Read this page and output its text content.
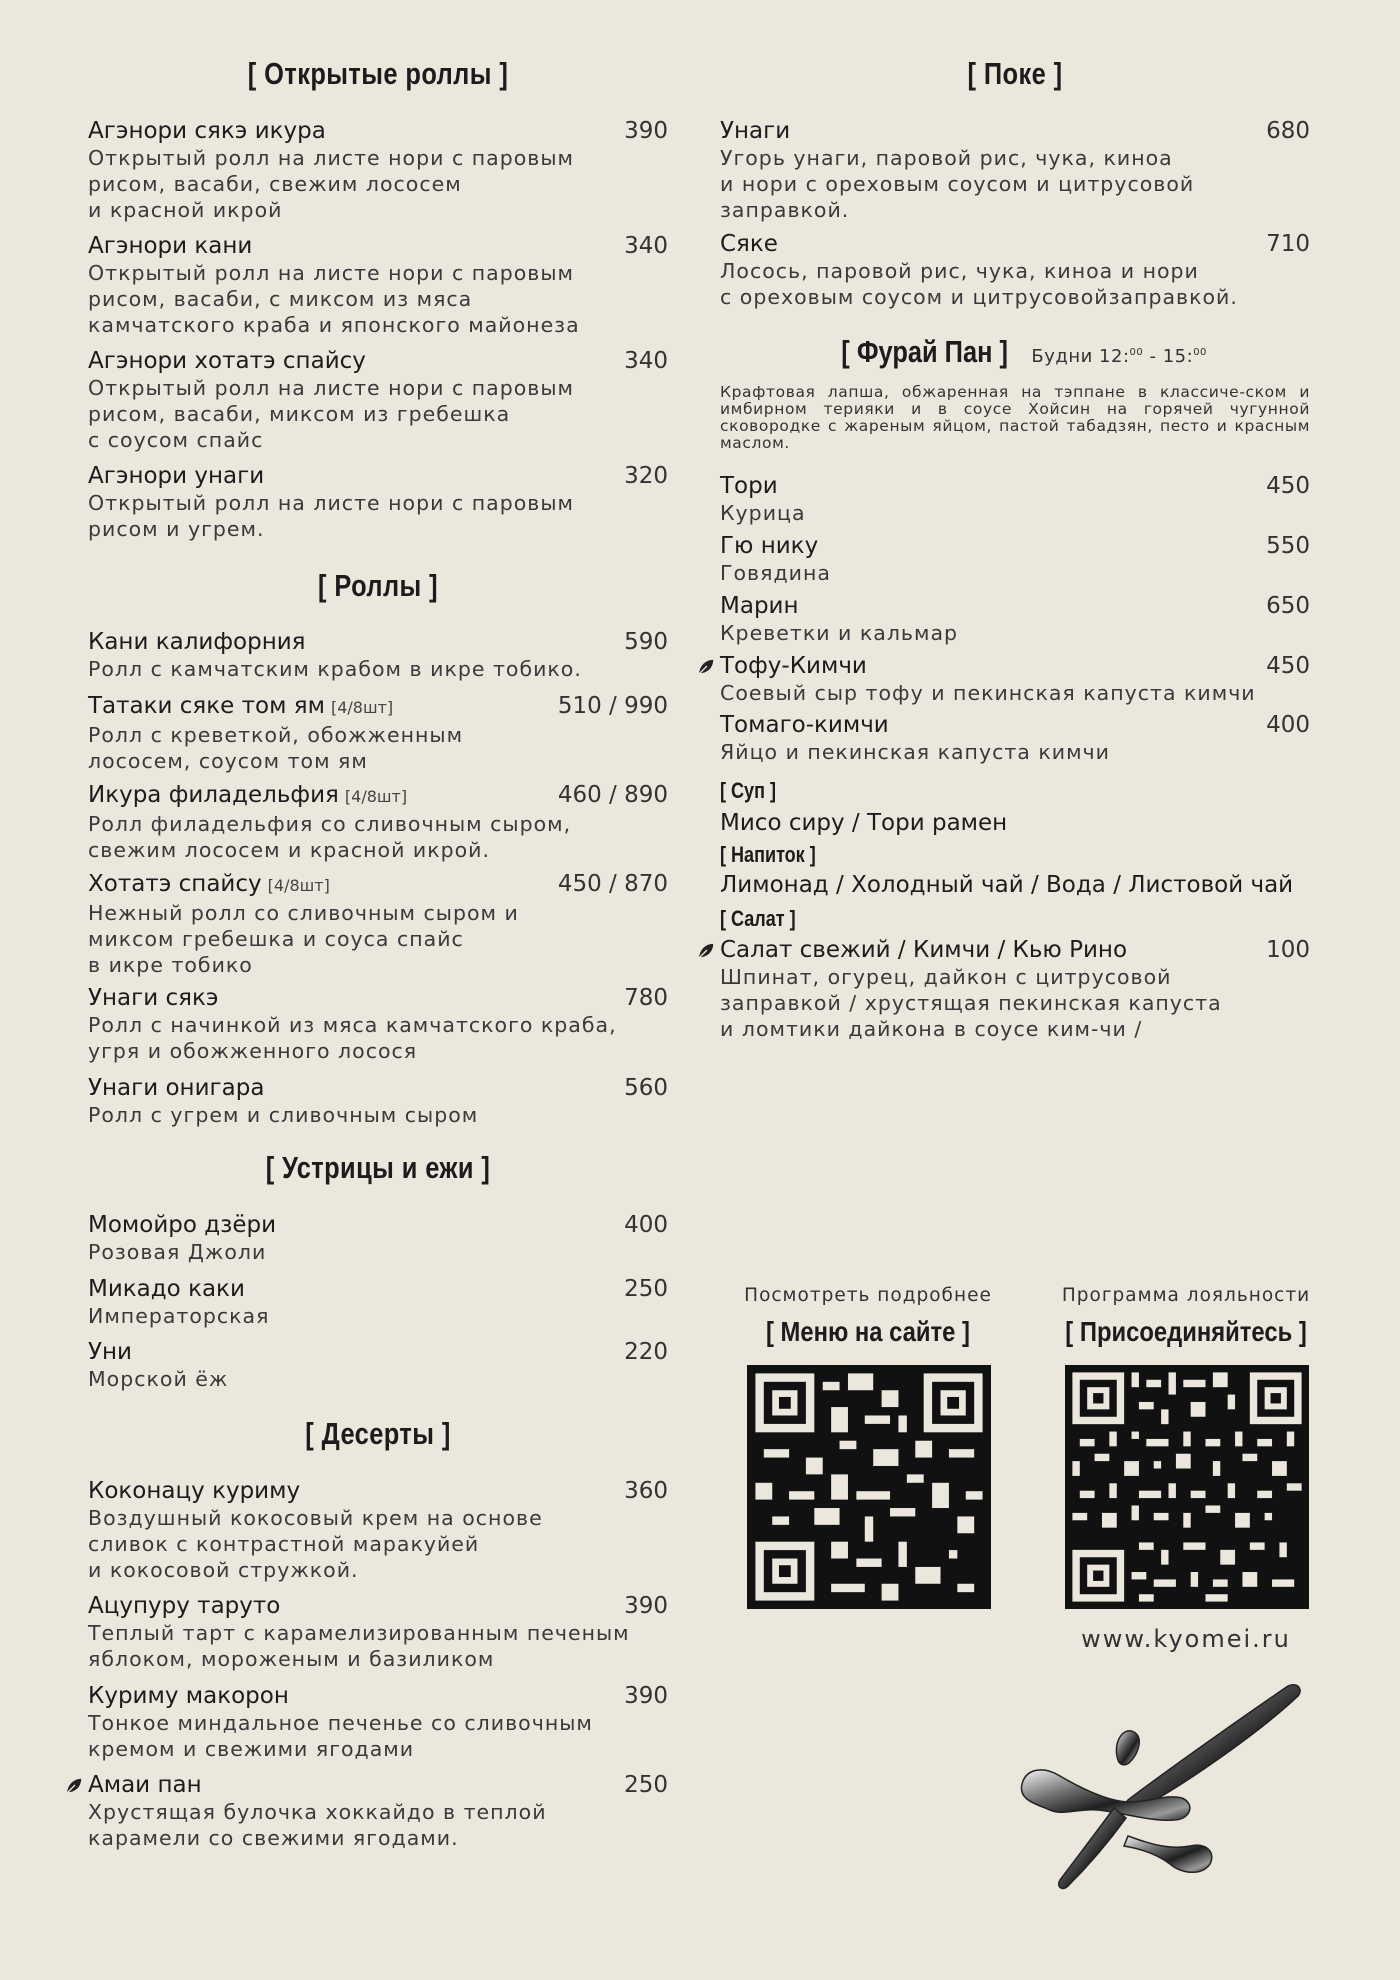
[ Открытые роллы ]
Агэнори сякэ икура	390
Открытый ролл на листе нори с паровым
рисом, васаби, свежим лососем
и красной икрой
Агэнори кани	340
Открытый ролл на листе нори с паровым
рисом, васаби, с миксом из мяса
камчатского краба и японского майонеза
Агэнори хотатэ спайсу	340
Открытый ролл на листе нори с паровым
рисом, васаби, миксом из гребешка
с соусом спайс
Агэнори унаги	320
Открытый ролл на листе нори с паровым
рисом и угрем.
[ Роллы ]
Кани калифорния	590
Ролл с камчатским крабом в икре тобико.
Татаки сяке том ям [4/8шт]	510 / 990
Ролл с креветкой, обожженным
лососем, соусом том ям
Икура филадельфия [4/8шт]	460 / 890
Ролл филадельфия со сливочным сыром,
свежим лососем и красной икрой.
Хотатэ спайсу [4/8шт]	450 / 870
Нежный ролл со сливочным сыром и
миксом гребешка и соуса спайс
в икре тобико
Унаги сякэ	780
Ролл с начинкой из мяса камчатского краба,
угря и обожженного лосося
Унаги онигара	560
Ролл с угрем и сливочным сыром
[ Устрицы и ежи ]
Момойро дзёри	400
Розовая Джоли
Микадо каки	250
Императорская
Уни	220
Морской ёж
[ Десерты ]
Коконацу куриму	360
Воздушный кокосовый крем на основе
сливок с контрастной маракуйей
и кокосовой стружкой.
Ацупуру тарутo	390
Теплый тарт с карамелизированным печеным
яблоком, мороженым и базиликом
Куриму макорон	390
Тонкое миндальное печенье со сливочным
кремом и свежими ягодами
Амаи пан	250
Хрустящая булочка хоккайдо в теплой
карамели со свежими ягодами.
[ Поке ]
Унаги	680
Угорь унаги, паровой рис, чука, киноа
и нори с ореховым соусом и цитрусовой
заправкой.
Сяке	710
Лосось, паровой рис, чука, киноа и нори
с ореховым соусом и цитрусовойзаправкой.
[ Фурай Пан ] Будни 12:$^{00}$ - 15:$^{00}$
Крафтовая лапша, обжаренная на тэппане в классиче-ском и имбирном терияки и в соусе Хойсин на горячей чугунной сковородке с жареным яйцом, пастой табадзян, песто и красным маслом.
Тори	450
Курица
Гю нику	550
Говядина
Марин	650
Креветки и кальмар
Тофу-Кимчи	450
Соевый сыр тофу и пекинская капуста кимчи
Томаго-кимчи	400
Яйцо и пекинская капуста кимчи
[ Суп ]
Мисо сиру / Тори рамен
[ Напиток ]
Лимонад / Холодный чай / Вода / Листовой чай
[ Салат ]
Салат свежий / Кимчи / Кью Рино	100
Шпинат, огурец, дайкон с цитрусовой
заправкой / хрустящая пекинская капуста
и ломтики дайкона в соусе ким-чи /
Посмотреть подробнее
[ Меню на сайте ]
Программа лояльности
[ Присоединяйтесь ]
www.kyomei.ru
